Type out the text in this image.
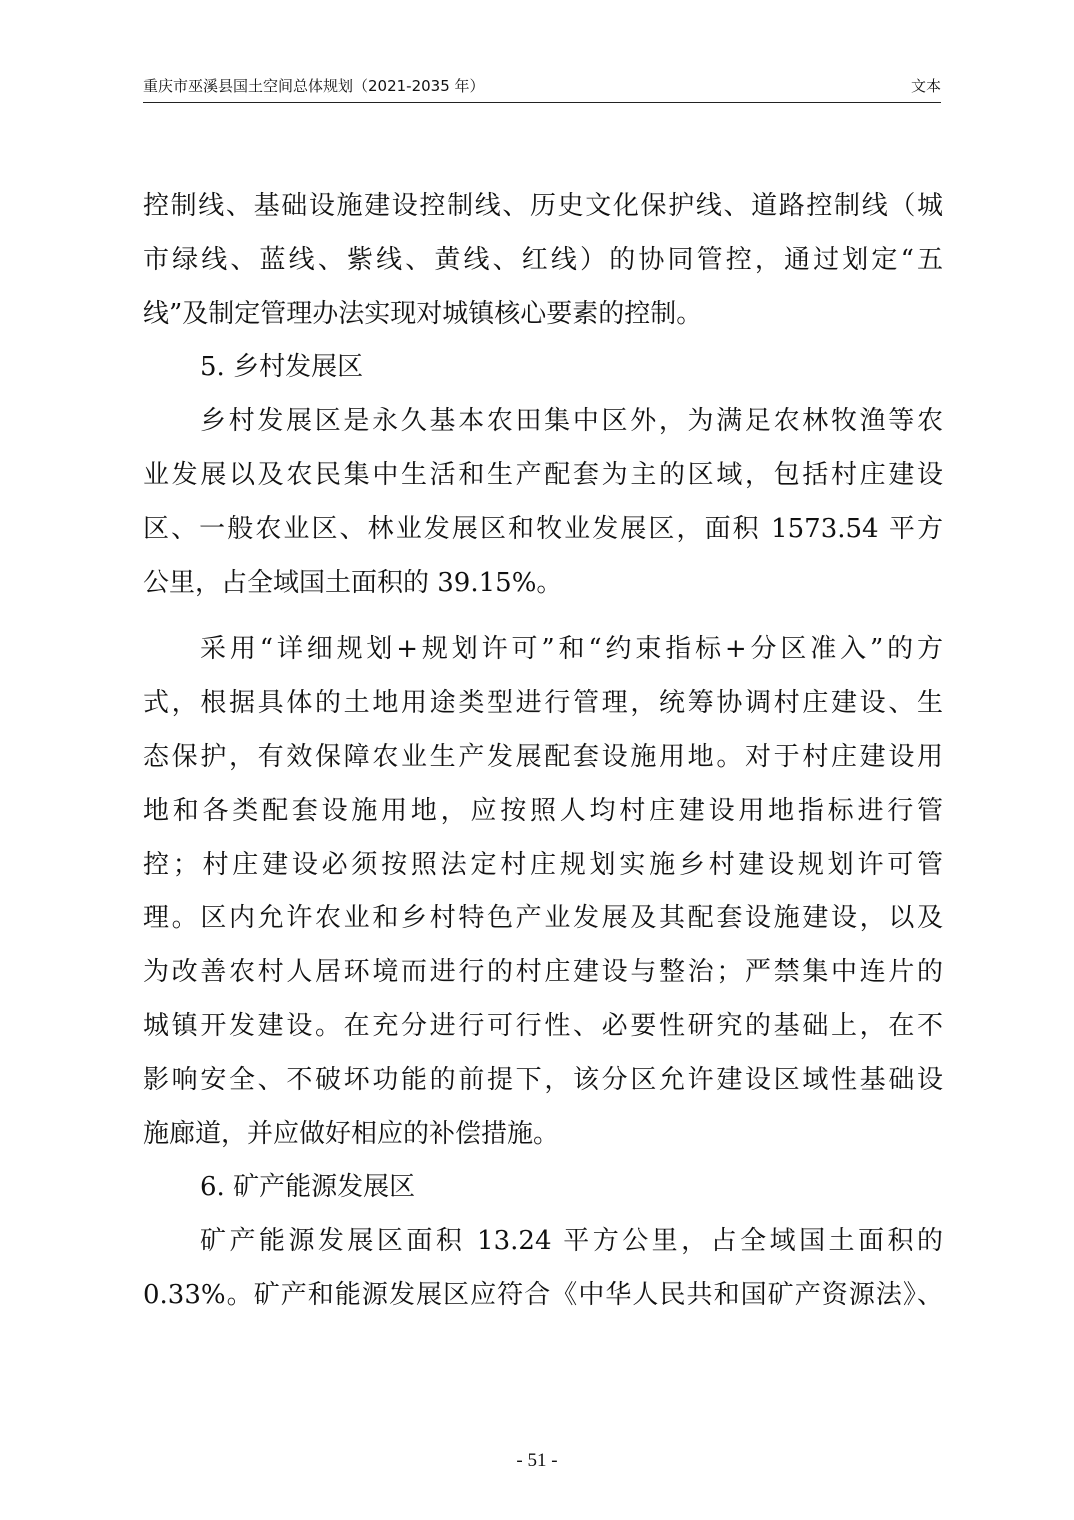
重庆市巫溪县国土空间总体规划（2021-2035 年）	文本
控制线、基础设施建设控制线、历史文化保护线、道路控制线（城
市绿线、蓝线、紫线、黄线、红线）的协同管控，通过划定“五
线”及制定管理办法实现对城镇核心要素的控制。
5. 乡村发展区
乡村发展区是永久基本农田集中区外，为满足农林牧渔等农
业发展以及农民集中生活和生产配套为主的区域，包括村庄建设
区、一般农业区、林业发展区和牧业发展区，面积 1573.54 平方
公里，占全域国土面积的 39.15%。
采用“详细规划+规划许可”和“约束指标+分区准入”的方
式，根据具体的土地用途类型进行管理，统筹协调村庄建设、生
态保护，有效保障农业生产发展配套设施用地。对于村庄建设用
地和各类配套设施用地，应按照人均村庄建设用地指标进行管
控；村庄建设必须按照法定村庄规划实施乡村建设规划许可管
理。区内允许农业和乡村特色产业发展及其配套设施建设，以及
为改善农村人居环境而进行的村庄建设与整治；严禁集中连片的
城镇开发建设。在充分进行可行性、必要性研究的基础上，在不
影响安全、不破坏功能的前提下，该分区允许建设区域性基础设
施廊道，并应做好相应的补偿措施。
6. 矿产能源发展区
矿产能源发展区面积 13.24 平方公里，占全域国土面积的
0.33%。矿产和能源发展区应符合《中华人民共和国矿产资源法》、
- 51 -
